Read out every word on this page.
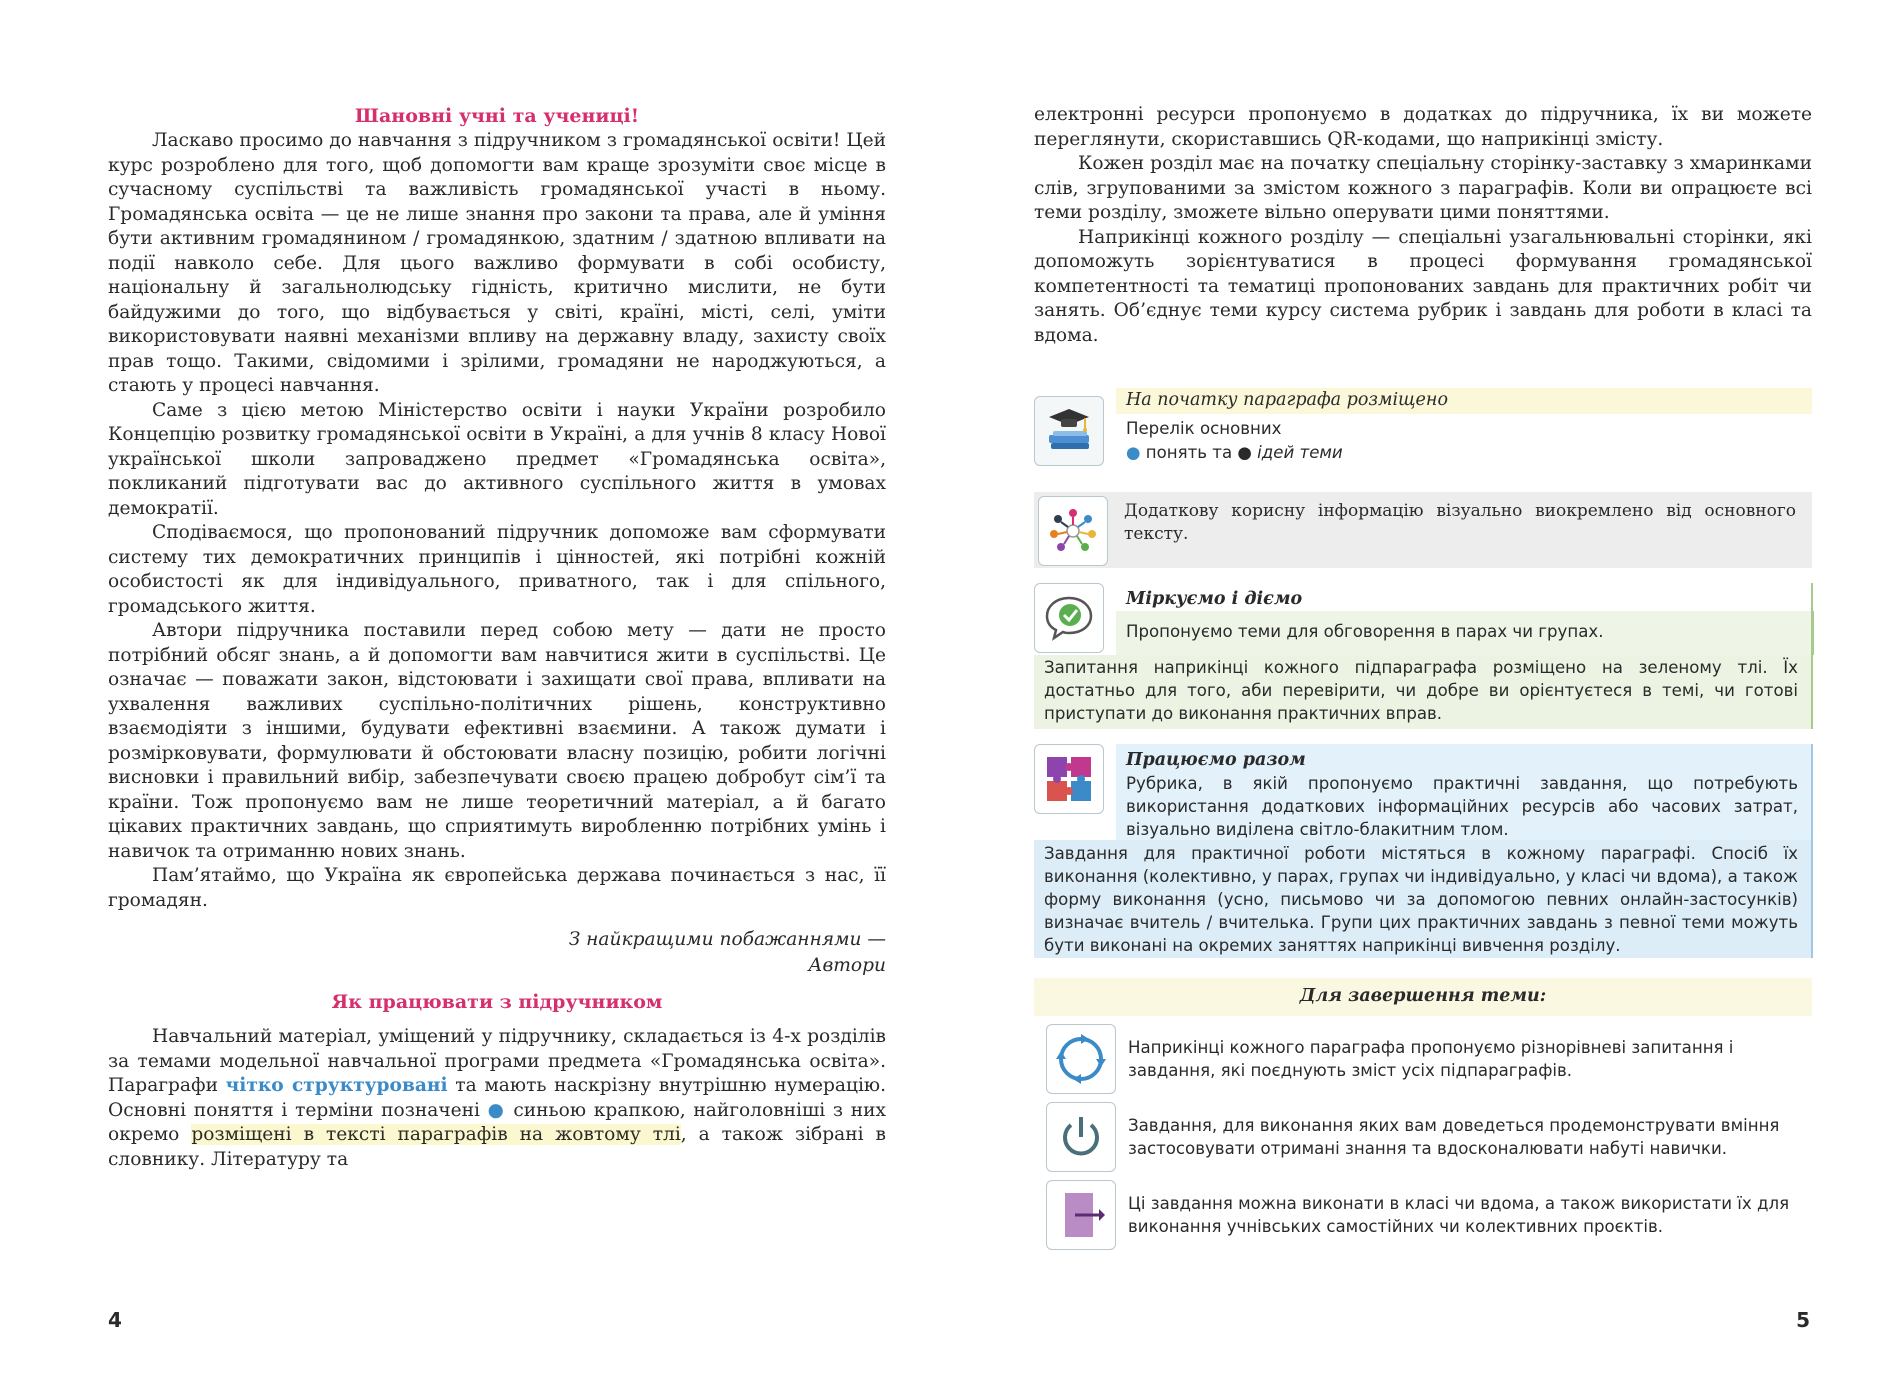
Шановні учні та учениці!

Ласкаво просимо до навчання з підручником з громадянської освіти! Цей курс розроблено для того, щоб допомогти вам краще зрозуміти своє місце в сучасному суспільстві та важливість громадянської участі в ньому. Громадянська освіта — це не лише знання про закони та права, але й уміння бути активним громадянином / громадянкою, здатним / здатною впливати на події навколо себе. Для цього важливо формувати в собі особисту, національну й загальнолюдську гідність, критично мислити, не бути байдужими до того, що відбувається у світі, країні, місті, селі, уміти використовувати наявні механізми впливу на державну владу, захисту своїх прав тощо. Такими, свідомими і зрілими, громадяни не народжуються, а стають у процесі навчання.

Саме з цією метою Міністерство освіти і науки України розробило Концепцію розвитку громадянської освіти в Україні, а для учнів 8 класу Нової української школи запроваджено предмет «Громадянська освіта», покликаний підготувати вас до активного суспільного життя в умовах демократії.

Сподіваємося, що пропонований підручник допоможе вам сформувати систему тих демократичних принципів і цінностей, які потрібні кожній особистості як для індивідуального, приватного, так і для спільного, громадського життя.

Автори підручника поставили перед собою мету — дати не просто потрібний обсяг знань, а й допомогти вам навчитися жити в суспільстві. Це означає — поважати закон, відстоювати і захищати свої права, впливати на ухвалення важливих суспільно-політичних рішень, конструктивно взаємодіяти з іншими, будувати ефективні взаємини. А також думати і розмірковувати, формулювати й обстоювати власну позицію, робити логічні висновки і правильний вибір, забезпечувати своєю працею добробут сім’ї та країни. Тож пропонуємо вам не лише теоретичний матеріал, а й багато цікавих практичних завдань, що сприятимуть виробленню потрібних умінь і навичок та отриманню нових знань.

Пам’ятаймо, що Україна як європейська держава починається з нас, її громадян.

З найкращими побажаннями —
Автори

Як працювати з підручником

Навчальний матеріал, уміщений у підручнику, складається із 4-х розділів за темами модельної навчальної програми предмета «Громадянська освіта». Параграфи чітко структуровані та мають наскрізну внутрішню нумерацію. Основні поняття і терміни позначені ● синьою крапкою, найголовніші з них окремо розміщені в тексті параграфів на жовтому тлі, а також зібрані в словнику. Літературу та

4

електронні ресурси пропонуємо в додатках до підручника, їх ви можете переглянути, скориставшись QR-кодами, що наприкінці змісту.

Кожен розділ має на початку спеціальну сторінку-заставку з хмаринками слів, згрупованими за змістом кожного з параграфів. Коли ви опрацюєте всі теми розділу, зможете вільно оперувати цими поняттями.

Наприкінці кожного розділу — спеціальні узагальнювальні сторінки, які допоможуть зорієнтуватися в процесі формування громадянської компетентності та тематиці пропонованих завдань для практичних робіт чи занять. Об’єднує теми курсу система рубрик і завдань для роботи в класі та вдома.

На початку параграфа розміщено
Перелік основних
● понять та ● ідей теми
Додаткову корисну інформацію візуально виокремлено від основного тексту.
Міркуємо і діємо
Пропонуємо теми для обговорення в парах чи групах.
Запитання наприкінці кожного підпараграфа розміщено на зеленому тлі. Їх достатньо для того, аби перевірити, чи добре ви орієнтуєтеся в темі, чи готові приступати до виконання практичних вправ.
Працюємо разом
Рубрика, в якій пропонуємо практичні завдання, що потребують використання додаткових інформаційних ресурсів або часових затрат, візуально виділена світло-блакитним тлом.
Завдання для практичної роботи містяться в кожному параграфі. Спосіб їх виконання (колективно, у парах, групах чи індивідуально, у класі чи вдома), а також форму виконання (усно, письмово чи за допомогою певних онлайн-застосунків) визначає вчитель / вчителька. Групи цих практичних завдань з певної теми можуть бути виконані на окремих заняттях наприкінці вивчення розділу.
Для завершення теми:
Наприкінці кожного параграфа пропонуємо різнорівневі запитання і завдання, які поєднують зміст усіх підпараграфів.
Завдання, для виконання яких вам доведеться продемонструвати вміння застосовувати отримані знання та вдосконалювати набуті навички.
Ці завдання можна виконати в класі чи вдома, а також використати їх для виконання учнівських самостійних чи колективних проєктів.
5
